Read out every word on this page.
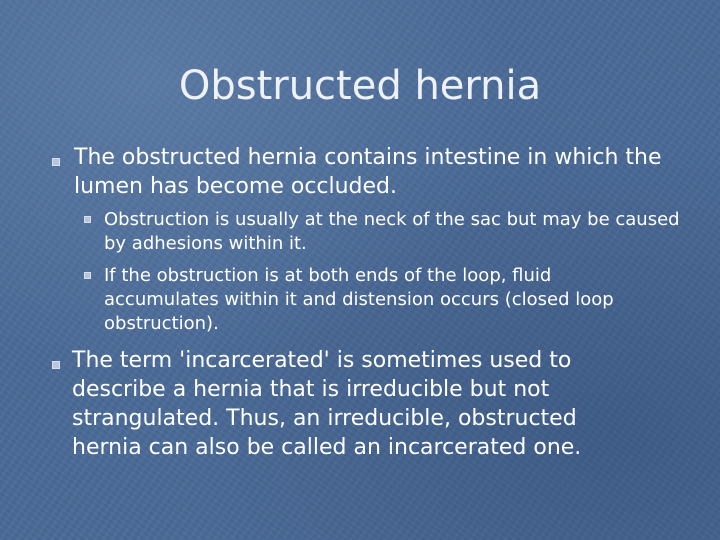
Obstructed hernia

The obstructed hernia contains intestine in which the lumen has become occluded.

Obstruction is usually at the neck of the sac but may be caused by adhesions within it.

If the obstruction is at both ends of the loop, fluid accumulates within it and distension occurs (closed loop obstruction).

The term 'incarcerated' is sometimes used to describe a hernia that is irreducible but not strangulated. Thus, an irreducible, obstructed hernia can also be called an incarcerated one.
